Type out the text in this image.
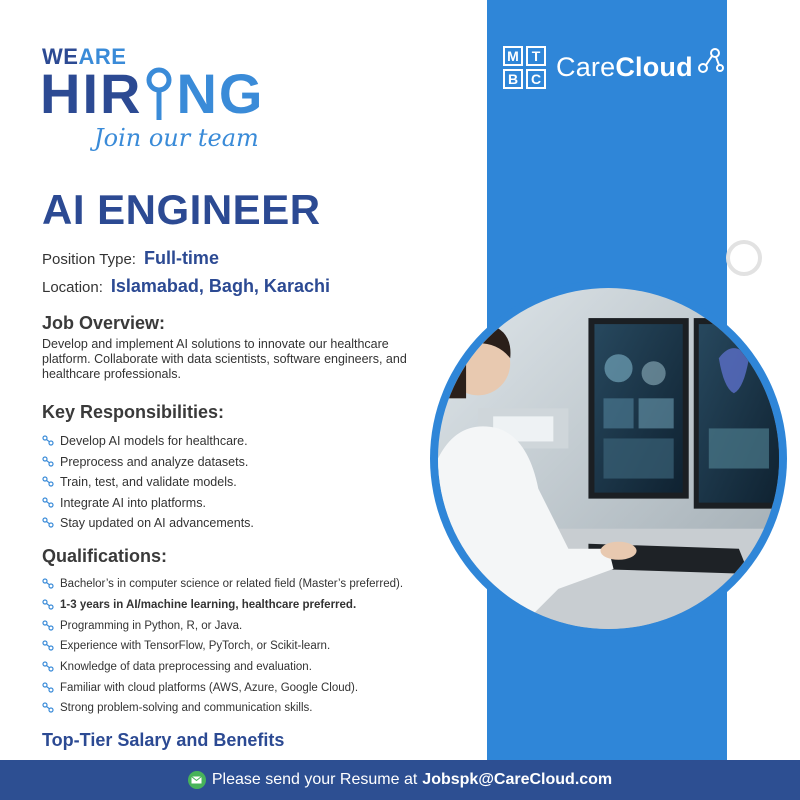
M T
B C CareCloud
WEARE
HIR NG
Join our team
AI ENGINEER
Position Type: Full-time
Location: Islamabad, Bagh, Karachi
Job Overview:
Develop and implement AI solutions to innovate our healthcare platform. Collaborate with data scientists, software engineers, and healthcare professionals.
Key Responsibilities:
Develop AI models for healthcare.
Preprocess and analyze datasets.
Train, test, and validate models.
Integrate AI into platforms.
Stay updated on AI advancements.
Qualifications:
Bachelor’s in computer science or related field (Master’s preferred).
1-3 years in AI/machine learning, healthcare preferred.
Programming in Python, R, or Java.
Experience with TensorFlow, PyTorch, or Scikit-learn.
Knowledge of data preprocessing and evaluation.
Familiar with cloud platforms (AWS, Azure, Google Cloud).
Strong problem-solving and communication skills.
Top-Tier Salary and Benefits
Please send your Resume at Jobspk@CareCloud.com
